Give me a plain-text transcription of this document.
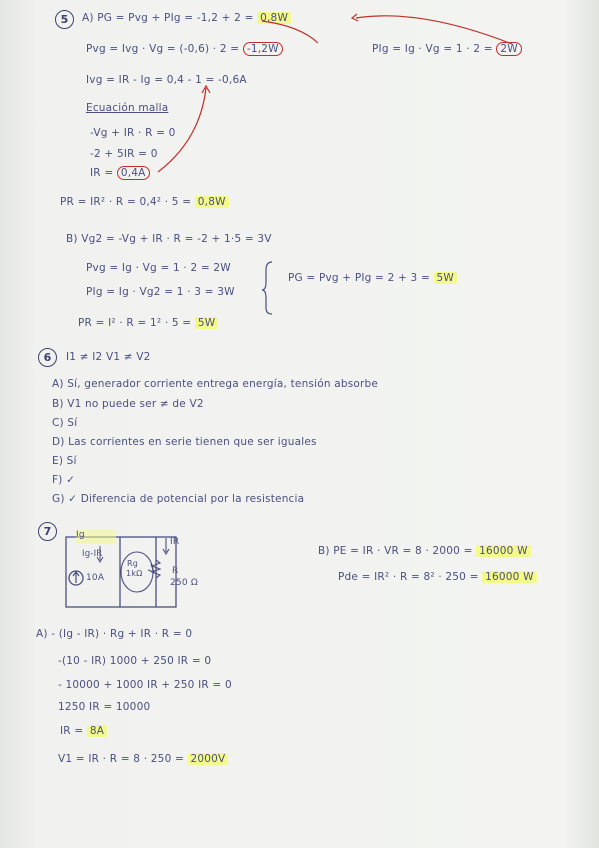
5	A) PG = Pvg + PIg = -1,2 + 2 = 0,8W
Pvg = Ivg · Vg = (-0,6) · 2 = -1,2W	PIg = Ig · Vg = 1 · 2 = 2W
Ivg = IR - Ig = 0,4 - 1 = -0,6A
Ecuación malla
-Vg + IR · R = 0
-2 + 5IR = 0
IR = 0,4A
PR = IR² · R = 0,4² · 5 = 0,8W
B) Vg2 = -Vg + IR · R = -2 + 1·5 = 3V
Pvg = Ig · Vg = 1 · 2 = 2W
PIg = Ig · Vg2 = 1 · 3 = 3W
PG = Pvg + PIg = 2 + 3 = 5W
PR = I² · R = 1² · 5 = 5W
6	I1 ≠ I2 V1 ≠ V2
A) Sí, generador corriente entrega energía, tensión absorbe
B) V1 no puede ser ≠ de V2
C) Sí
D) Las corrientes en serie tienen que ser iguales
E) Sí
F) ✓
G) ✓ Diferencia de potencial por la resistencia
7	Ig
Ig-IR
10A
IR
Rg
1kΩ	R
250 Ω
B) PE = IR · VR = 8 · 2000 = 16000 W
Pde = IR² · R = 8² · 250 = 16000 W
A) - (Ig - IR) · Rg + IR · R = 0
-(10 - IR) 1000 + 250 IR = 0
- 10000 + 1000 IR + 250 IR = 0
1250 IR = 10000
IR = 8A
V1 = IR · R = 8 · 250 = 2000V
